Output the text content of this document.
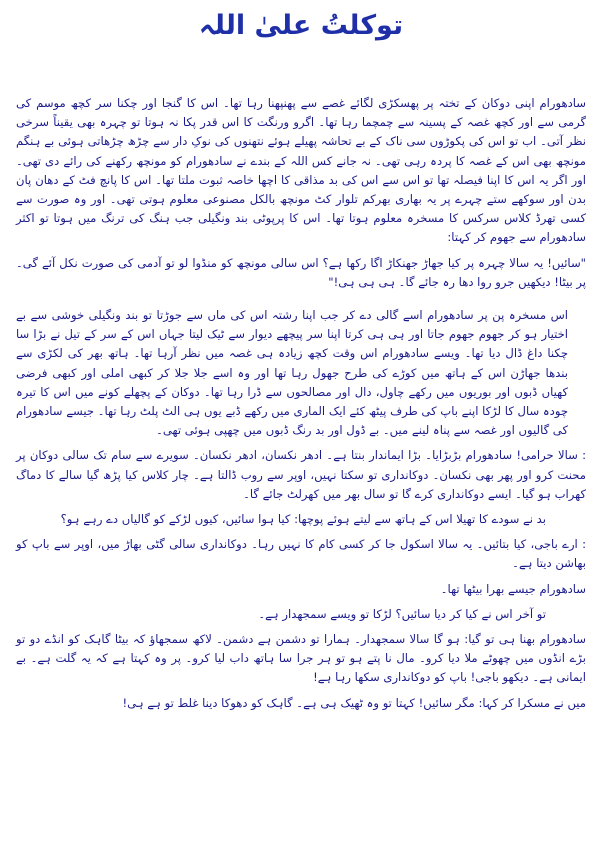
توکلتُ علیٰ اللہ

سادھورام اپنی دوکان کے تختہ پر پھسکڑی لگائے غصے سے پھنپھنا رہا تھا۔ اس کا گنجا اور چکنا سر کچھ موسم کی گرمی سے اور کچھ غصہ کے پسینہ سے چمچما رہا تھا۔ اگرو ورنگت کا اس قدر پکا نہ ہوتا تو چہرہ بھی یقیناً سرخی نظر آتی۔ اب تو اس کی پکوڑوں سی ناک کے بے تحاشہ پھیلے ہوئے نتھنوں کی نوکِ دار سے چڑھ چڑھاتی ہوئی بے ہنگم مونچھ بھی اس کے غصہ کا پردہ رہی تھی۔ نہ جانے کس اللہ کے بندے نے سادھورام کو مونچھ رکھنے کی رائے دی تھی۔ اور اگر یہ اس کا اپنا فیصلہ تھا تو اس سے اس کی بد مذاقی کا اچھا خاصہ ثبوت ملتا تھا۔ اس کا پانچ فٹ کے دھان پان بدن اور سوکھے ستے چہرے پر یہ بھاری بھرکم تلوار کٹ مونچھ بالکل مصنوعی معلوم ہوتی تھی۔ اور وہ صورت سے کسی تھرڈ کلاس سرکس کا مسخرہ معلوم ہوتا تھا۔ اس کا پرپوٹی بند ونگیلی جب ہنگ کی ترنگ میں ہوتا تو اکثر سادھورام سے جھوم کر کہتا:

"سائیں! یہ سالا چہرہ پر کیا جھاڑ جھنکاڑ اگا رکھا ہے؟ اس سالی مونچھ کو منڈوا لو تو آدمی کی صورت نکل آئے گی۔ پر بیٹا! دیکھیں جرو روا دھا رہ جائے گا۔ ہی ہی ہی!"

اس مسخرہ پن پر سادھورام اسے گالی دے کر جب اپنا رشتہ اس کی ماں سے جوڑتا تو بند ونگیلی خوشی سے بے اختیار ہو کر جھوم جھوم جاتا اور ہی ہی کرتا اپنا سر پیچھے دیوار سے ٹیک لیتا جہاں اس کے سر کے تیل نے بڑا سا چکنا داغ ڈال دیا تھا۔ ویسے سادھورام اس وقت کچھ زیادہ ہی غصہ میں نظر آرہا تھا۔ ہاتھ بھر کی لکڑی سے بندھا جھاڑن اس کے ہاتھ میں کوڑے کی طرح جھول رہا تھا اور وہ اسے جلا جلا کر کبھی املی اور کبھی فرضی کھیاں ڈبوں اور بوریوں میں رکھے چاول، دال اور مصالحوں سے ڈرا رہا تھا۔ دوکان کے پچھلے کونے میں اس کا تیرہ چودہ سال کا لڑکا اپنے باپ کی طرف پیٹھ کئے ایک الماری میں رکھے ڈبے یوں ہی الٹ پلٹ رہا تھا۔ جیسے سادھورام کی گالیوں اور غصہ سے پناہ لینے میں۔ بے ڈول اور بد رنگ ڈبوں میں چھپی ہوئی تھی۔

: سالا حرامی! سادھورام بڑبڑایا۔ بڑا ایماندار بنتا ہے۔ ادھر نکسان، ادھر نکسان۔ سویرے سے سام تک سالی دوکان پر محنت کرو اور پھر بھی نکسان۔ دوکانداری تو سکتا نہیں، اوپر سے روب ڈالتا ہے۔ چار کلاس کیا پڑھ گیا سالے کا دماگ کھراب ہو گیا۔ ایسے دوکانداری کرے گا تو سال بھر میں کھرلٹ جائے گا۔

بد نے سودے کا تھیلا اس کے ہاتھ سے لیتے ہوئے پوچھا: کیا ہوا سائیں، کیوں لڑکے کو گالیاں دے رہے ہو؟

: ارے باجی، کیا بتائیں۔ یہ سالا اسکول جا کر کسی کام کا نہیں رہا۔ دوکانداری سالی گٹی بھاڑ میں، اوپر سے باپ کو بھاشن دیتا ہے۔

سادھورام جیسے بھرا بیٹھا تھا۔

تو آخر اس نے کیا کر دیا سائیں؟ لڑکا تو ویسے سمجھدار ہے۔

سادھورام بھنا ہی تو گیا: ہو گا سالا سمجھدار۔ ہمارا تو دشمن ہے دشمن۔ لاکھ سمجھاؤ کہ بیٹا گاہک کو انڈے دو تو بڑے انڈوں میں چھوٹے ملا دیا کرو۔ مال نا پتے ہو تو ہر جرا سا ہاتھ داب لیا کرو۔ پر وہ کہتا ہے کہ یہ گلت ہے۔ بے ایمانی ہے۔ دیکھو باجی! باپ کو دوکانداری سکھا رہا ہے!

میں نے مسکرا کر کہا: مگر سائیں! کہتا تو وہ ٹھیک ہی ہے۔ گاہک کو دھوکا دینا غلط تو ہے ہی!
